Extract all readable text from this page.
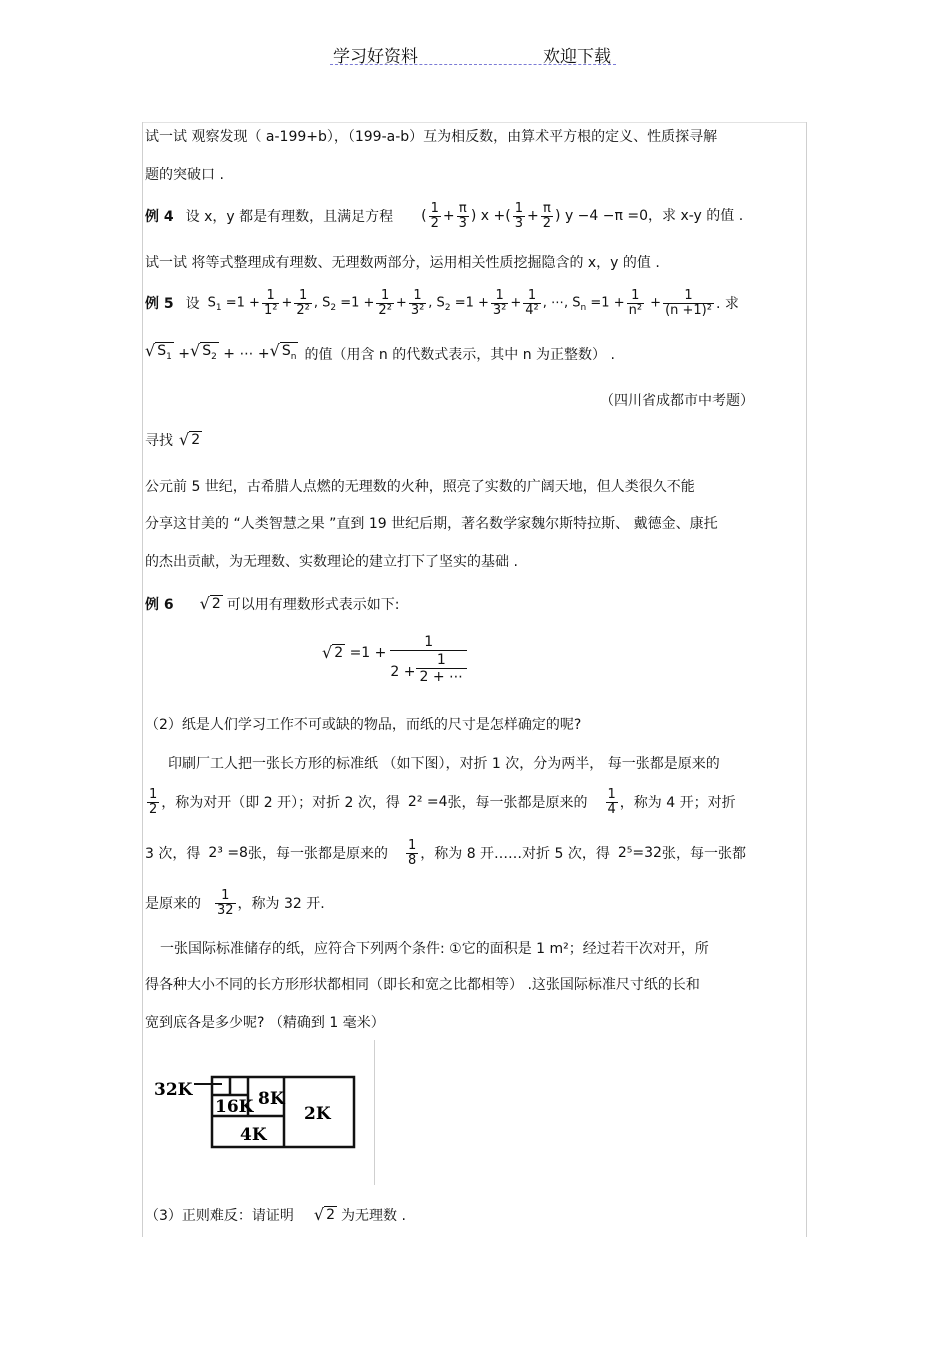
学习好资料	欢迎下载
试一试 观察发现（ a-199+b），（199-a-b）互为相反数，由算术平方根的定义、性质探寻解
题的突破口 .
例 4 设 x，y 都是有理数，且满足方程 ( $\frac{1}{2} + \frac{\pi}{3}$ ) x +( $\frac{1}{3} + \frac{\pi}{2}$ ) y −4 −π =0，求 x-y 的值 .
试一试 将等式整理成有理数、无理数两部分，运用相关性质挖掘隐含的 x，y 的值 .
例 5 设 $S_1 =1 + \frac{1}{\text{1²}} + \frac{1}{\text{2²}}$ , $S_2 =1 + \frac{1}{\text{2²}} + \frac{1}{\text{3²}}$ , $S_2 =1 + \frac{1}{\text{3²}} + \frac{1}{\text{4²}}$ , ⋯, $S_n =1 + \frac{1}{\text{n²}} + \frac{1}{\text{(n +1)²}}$ . 求
√ $S_1$ + √ $S_2$ + ⋯ + √ $S_n$ 的值（用含 n 的代数式表示，其中 n 为正整数） .
（四川省成都市中考题）
寻找 √ 2
公元前 5 世纪，古希腊人点燃的无理数的火种，照亮了实数的广阔天地，但人类很久不能
分享这甘美的 “人类智慧之果 ”直到 19 世纪后期，著名数学家魏尔斯特拉斯、 戴德金、康托
的杰出贡献，为无理数、实数理论的建立打下了坚实的基础 .
例 6 √ 2 可以用有理数形式表示如下:
√ $2 =1 + \frac{1}{2 + \frac{1}{2 + \cdots}}$
（2）纸是人们学习工作不可或缺的物品，而纸的尺寸是怎样确定的呢?
印刷厂工人把一张长方形的标准纸 （如下图），对折 1 次，分为两半， 每一张都是原来的
$\frac{1}{2}$ ，称为对开（即 2 开）；对折 2 次，得 2² =4 张，每一张都是原来的 $\frac{1}{4}$ ，称为 4 开；对折
3 次，得 2³ =8 张，每一张都是原来的 $\frac{1}{8}$ ，称为 8 开……对折 5 次，得 2⁵=32 张，每一张都
是原来的 $\frac{1}{32}$ ，称为 32 开.
一张国际标准储存的纸，应符合下列两个条件: ①它的面积是 1 m²；经过若干次对开，所
得各种大小不同的长方形形状都相同（即长和宽之比都相等） .这张国际标准尺寸纸的长和
宽到底各是多少呢? （精确到 1 毫米）
32K
16K 8K
4K
2K
（3）正则难反：请证明 √ 2 为无理数 .
